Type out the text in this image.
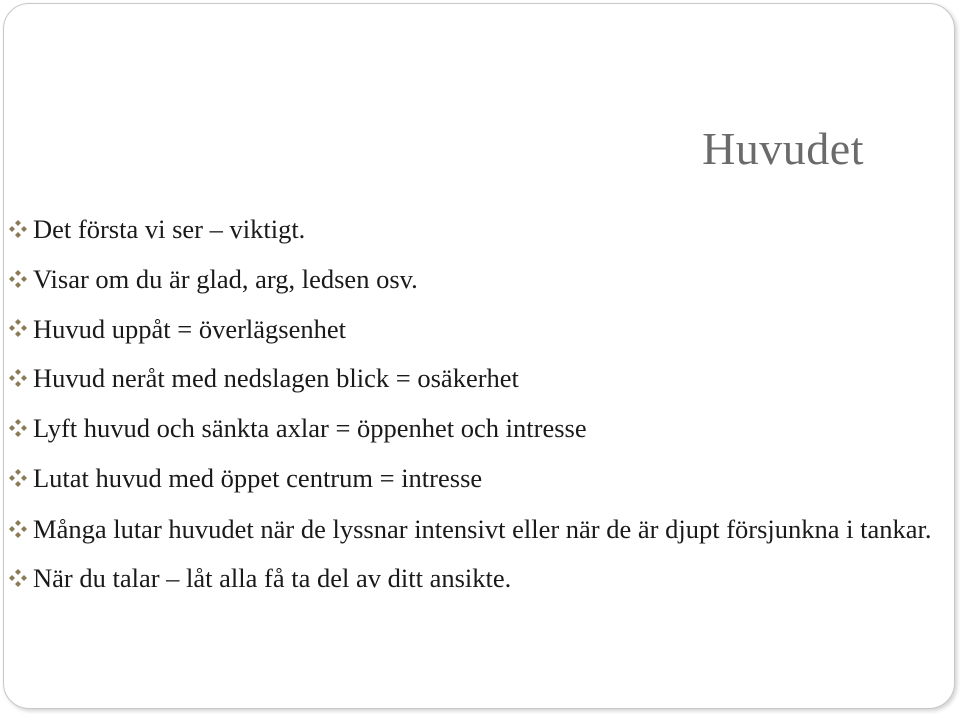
Huvudet
Det första vi ser – viktigt.
Visar om du är glad, arg, ledsen osv.
Huvud uppåt = överlägsenhet
Huvud neråt med nedslagen blick = osäkerhet
Lyft huvud och sänkta axlar = öppenhet och intresse
Lutat huvud med öppet centrum = intresse
Många lutar huvudet när de lyssnar intensivt eller när de är djupt försjunkna i tankar.
När du talar – låt alla få ta del av ditt ansikte.
